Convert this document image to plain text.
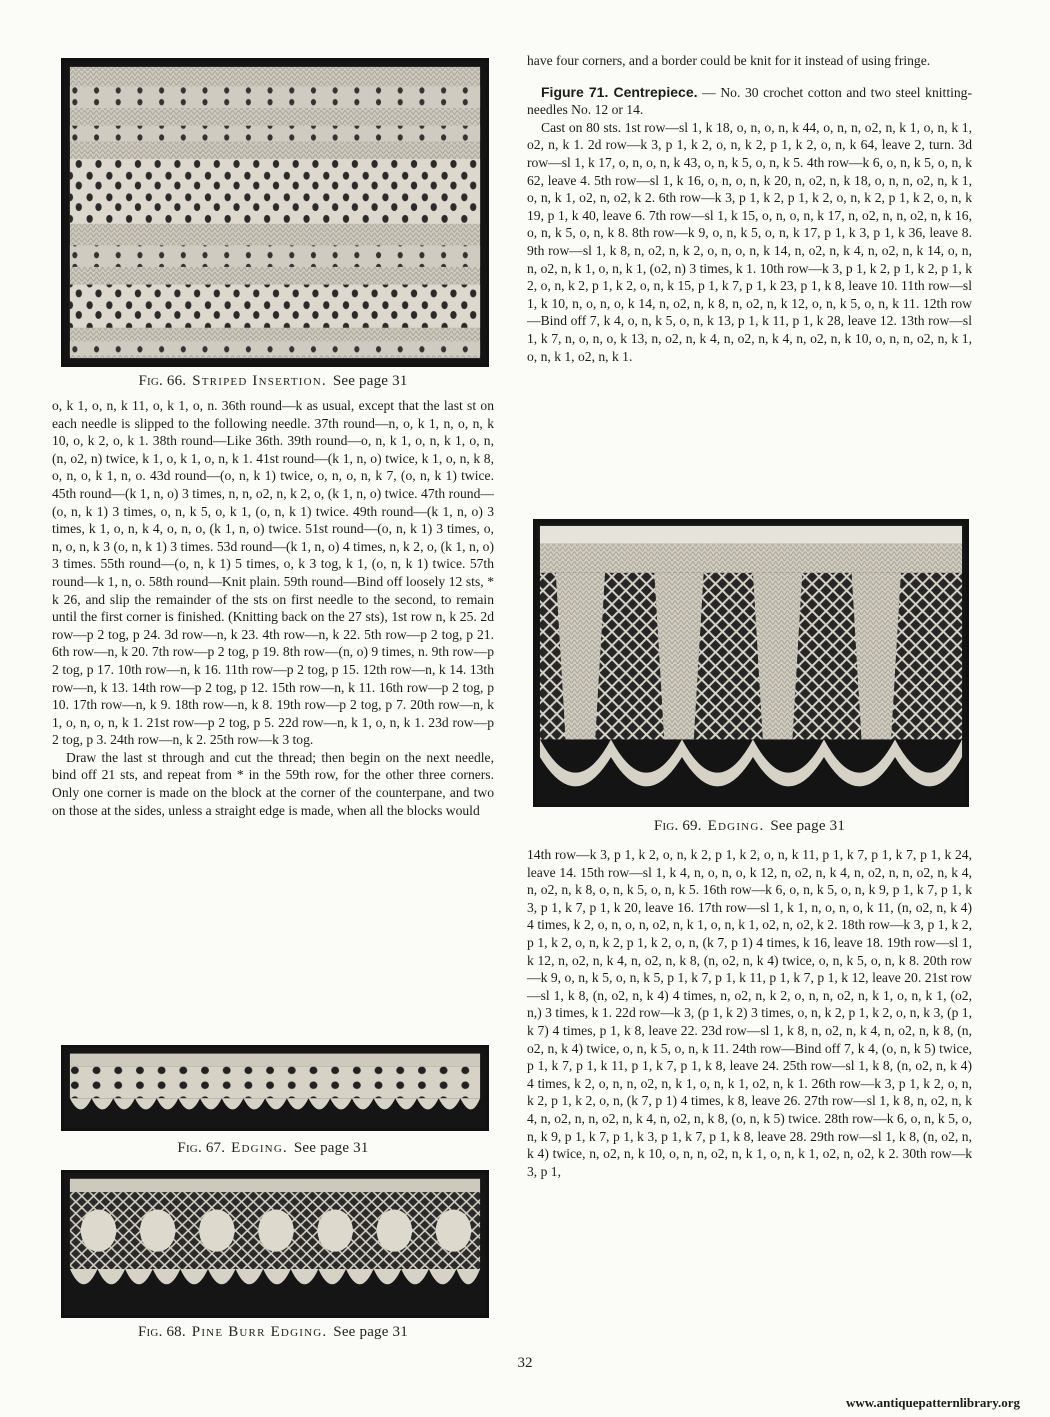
Fig. 66. Striped Insertion. See page 31

o, k 1, o, n, k 11, o, k 1, o, n. 36th round—k as usual, except that the last st on each needle is slipped to the following needle. 37th round—n, o, k 1, n, o, n, k 10, o, k 2, o, k 1. 38th round—Like 36th. 39th round—o, n, k 1, o, n, k 1, o, n, (n, o2, n) twice, k 1, o, k 1, o, n, k 1. 41st round—(k 1, n, o) twice, k 1, o, n, k 8, o, n, o, k 1, n, o. 43d round—(o, n, k 1) twice, o, n, o, n, k 7, (o, n, k 1) twice. 45th round—(k 1, n, o) 3 times, n, n, o2, n, k 2, o, (k 1, n, o) twice. 47th round—(o, n, k 1) 3 times, o, n, k 5, o, k 1, (o, n, k 1) twice. 49th round—(k 1, n, o) 3 times, k 1, o, n, k 4, o, n, o, (k 1, n, o) twice. 51st round—(o, n, k 1) 3 times, o, n, o, n, k 3 (o, n, k 1) 3 times. 53d round—(k 1, n, o) 4 times, n, k 2, o, (k 1, n, o) 3 times. 55th round—(o, n, k 1) 5 times, o, k 3 tog, k 1, (o, n, k 1) twice. 57th round—k 1, n, o. 58th round—Knit plain. 59th round—Bind off loosely 12 sts, * k 26, and slip the remainder of the sts on first needle to the second, to remain until the first corner is finished. (Knitting back on the 27 sts), 1st row n, k 25. 2d row—p 2 tog, p 24. 3d row—n, k 23. 4th row—n, k 22. 5th row—p 2 tog, p 21. 6th row—n, k 20. 7th row—p 2 tog, p 19. 8th row—(n, o) 9 times, n. 9th row—p 2 tog, p 17. 10th row—n, k 16. 11th row—p 2 tog, p 15. 12th row—n, k 14. 13th row—n, k 13. 14th row—p 2 tog, p 12. 15th row—n, k 11. 16th row—p 2 tog, p 10. 17th row—n, k 9. 18th row—n, k 8. 19th row—p 2 tog, p 7. 20th row—n, k 1, o, n, o, n, k 1. 21st row—p 2 tog, p 5. 22d row—n, k 1, o, n, k 1. 23d row—p 2 tog, p 3. 24th row—n, k 2. 25th row—k 3 tog.

Draw the last st through and cut the thread; then begin on the next needle, bind off 21 sts, and repeat from * in the 59th row, for the other three corners. Only one corner is made on the block at the corner of the counterpane, and two on those at the sides, unless a straight edge is made, when all the blocks would

Fig. 67. Edging. See page 31
Fig. 68. Pine Burr Edging. See page 31

have four corners, and a border could be knit for it instead of using fringe.

Figure 71. Centrepiece. — No. 30 crochet cotton and two steel knitting-needles No. 12 or 14.

Cast on 80 sts. 1st row—sl 1, k 18, o, n, o, n, k 44, o, n, n, o2, n, k 1, o, n, k 1, o2, n, k 1. 2d row—k 3, p 1, k 2, o, n, k 2, p 1, k 2, o, n, k 64, leave 2, turn. 3d row—sl 1, k 17, o, n, o, n, k 43, o, n, k 5, o, n, k 5. 4th row—k 6, o, n, k 5, o, n, k 62, leave 4. 5th row—sl 1, k 16, o, n, o, n, k 20, n, o2, n, k 18, o, n, n, o2, n, k 1, o, n, k 1, o2, n, o2, k 2. 6th row—k 3, p 1, k 2, p 1, k 2, o, n, k 2, p 1, k 2, o, n, k 19, p 1, k 40, leave 6. 7th row—sl 1, k 15, o, n, o, n, k 17, n, o2, n, n, o2, n, k 16, o, n, k 5, o, n, k 8. 8th row—k 9, o, n, k 5, o, n, k 17, p 1, k 3, p 1, k 36, leave 8. 9th row—sl 1, k 8, n, o2, n, k 2, o, n, o, n, k 14, n, o2, n, k 4, n, o2, n, k 14, o, n, n, o2, n, k 1, o, n, k 1, (o2, n) 3 times, k 1. 10th row—k 3, p 1, k 2, p 1, k 2, p 1, k 2, o, n, k 2, p 1, k 2, o, n, k 15, p 1, k 7, p 1, k 23, p 1, k 8, leave 10. 11th row—sl 1, k 10, n, o, n, o, k 14, n, o2, n, k 8, n, o2, n, k 12, o, n, k 5, o, n, k 11. 12th row—Bind off 7, k 4, o, n, k 5, o, n, k 13, p 1, k 11, p 1, k 28, leave 12. 13th row—sl 1, k 7, n, o, n, o, k 13, n, o2, n, k 4, n, o2, n, k 4, n, o2, n, k 10, o, n, n, o2, n, k 1, o, n, k 1, o2, n, k 1.

Fig. 69. Edging. See page 31

14th row—k 3, p 1, k 2, o, n, k 2, p 1, k 2, o, n, k 11, p 1, k 7, p 1, k 7, p 1, k 24, leave 14. 15th row—sl 1, k 4, n, o, n, o, k 12, n, o2, n, k 4, n, o2, n, n, o2, n, k 4, n, o2, n, k 8, o, n, k 5, o, n, k 5. 16th row—k 6, o, n, k 5, o, n, k 9, p 1, k 7, p 1, k 3, p 1, k 7, p 1, k 20, leave 16. 17th row—sl 1, k 1, n, o, n, o, k 11, (n, o2, n, k 4) 4 times, k 2, o, n, o, n, o2, n, k 1, o, n, k 1, o2, n, o2, k 2. 18th row—k 3, p 1, k 2, p 1, k 2, o, n, k 2, p 1, k 2, o, n, (k 7, p 1) 4 times, k 16, leave 18. 19th row—sl 1, k 12, n, o2, n, k 4, n, o2, n, k 8, (n, o2, n, k 4) twice, o, n, k 5, o, n, k 8. 20th row—k 9, o, n, k 5, o, n, k 5, p 1, k 7, p 1, k 11, p 1, k 7, p 1, k 12, leave 20. 21st row—sl 1, k 8, (n, o2, n, k 4) 4 times, n, o2, n, k 2, o, n, n, o2, n, k 1, o, n, k 1, (o2, n,) 3 times, k 1. 22d row—k 3, (p 1, k 2) 3 times, o, n, k 2, p 1, k 2, o, n, k 3, (p 1, k 7) 4 times, p 1, k 8, leave 22. 23d row—sl 1, k 8, n, o2, n, k 4, n, o2, n, k 8, (n, o2, n, k 4) twice, o, n, k 5, o, n, k 11. 24th row—Bind off 7, k 4, (o, n, k 5) twice, p 1, k 7, p 1, k 11, p 1, k 7, p 1, k 8, leave 24. 25th row—sl 1, k 8, (n, o2, n, k 4) 4 times, k 2, o, n, n, o2, n, k 1, o, n, k 1, o2, n, k 1. 26th row—k 3, p 1, k 2, o, n, k 2, p 1, k 2, o, n, (k 7, p 1) 4 times, k 8, leave 26. 27th row—sl 1, k 8, n, o2, n, k 4, n, o2, n, n, o2, n, k 4, n, o2, n, k 8, (o, n, k 5) twice. 28th row—k 6, o, n, k 5, o, n, k 9, p 1, k 7, p 1, k 3, p 1, k 7, p 1, k 8, leave 28. 29th row—sl 1, k 8, (n, o2, n, k 4) twice, n, o2, n, k 10, o, n, n, o2, n, k 1, o, n, k 1, o2, n, o2, k 2. 30th row—k 3, p 1,

32
www.antiquepatternlibrary.org
